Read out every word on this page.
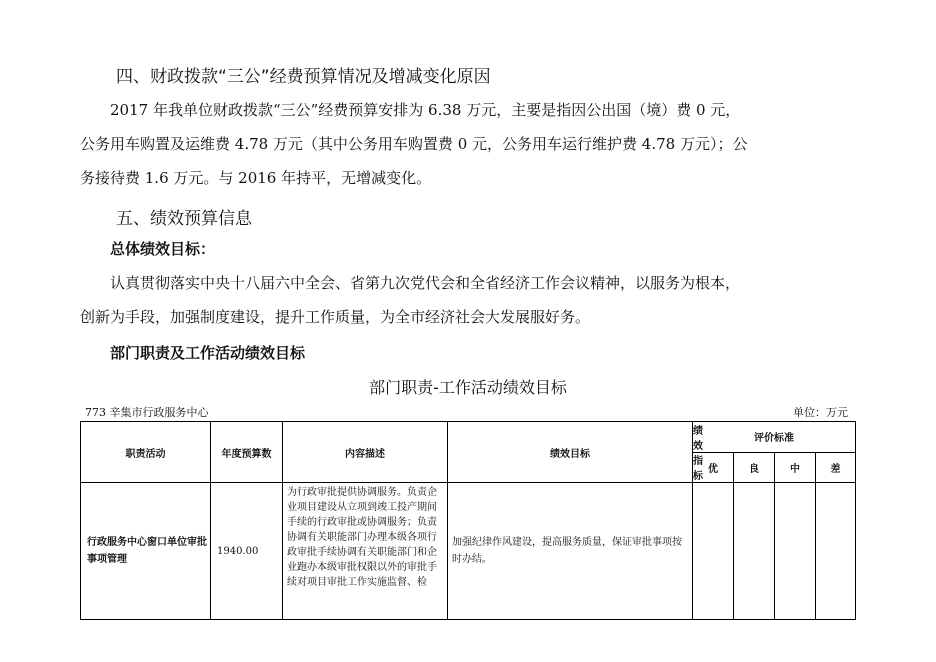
四、财政拨款“三公”经费预算情况及增减变化原因
2017 年我单位财政拨款“三公”经费预算安排为 6.38 万元，主要是指因公出国（境）费 0 元，
公务用车购置及运维费 4.78 万元（其中公务用车购置费 0 元，公务用车运行维护费 4.78 万元）；公
务接待费 1.6 万元。与 2016 年持平，无增减变化。
五、绩效预算信息
总体绩效目标：
认真贯彻落实中央十八届六中全会、省第九次党代会和全省经济工作会议精神，以服务为根本，
创新为手段，加强制度建设，提升工作质量，为全市经济社会大发展服好务。
部门职责及工作活动绩效目标
部门职责-工作活动绩效目标
773 辛集市行政服务中心	单位：万元
职责活动	年度预算数	内容描述	绩效目标	绩效指标	评价标准			
				优	良	中	差
行政服务中心窗口单位审批事项管理	1940.00	为行政审批提供协调服务。负责企业项目建设从立项到竣工投产期间手续的行政审批或协调服务；负责协调有关职能部门办理本级各项行政审批手续协调有关职能部门和企业跑办本级审批权限以外的审批手续对项目审批工作实施监督、检	加强纪律作风建设，提高服务质量，保证审批事项按时办结。					
